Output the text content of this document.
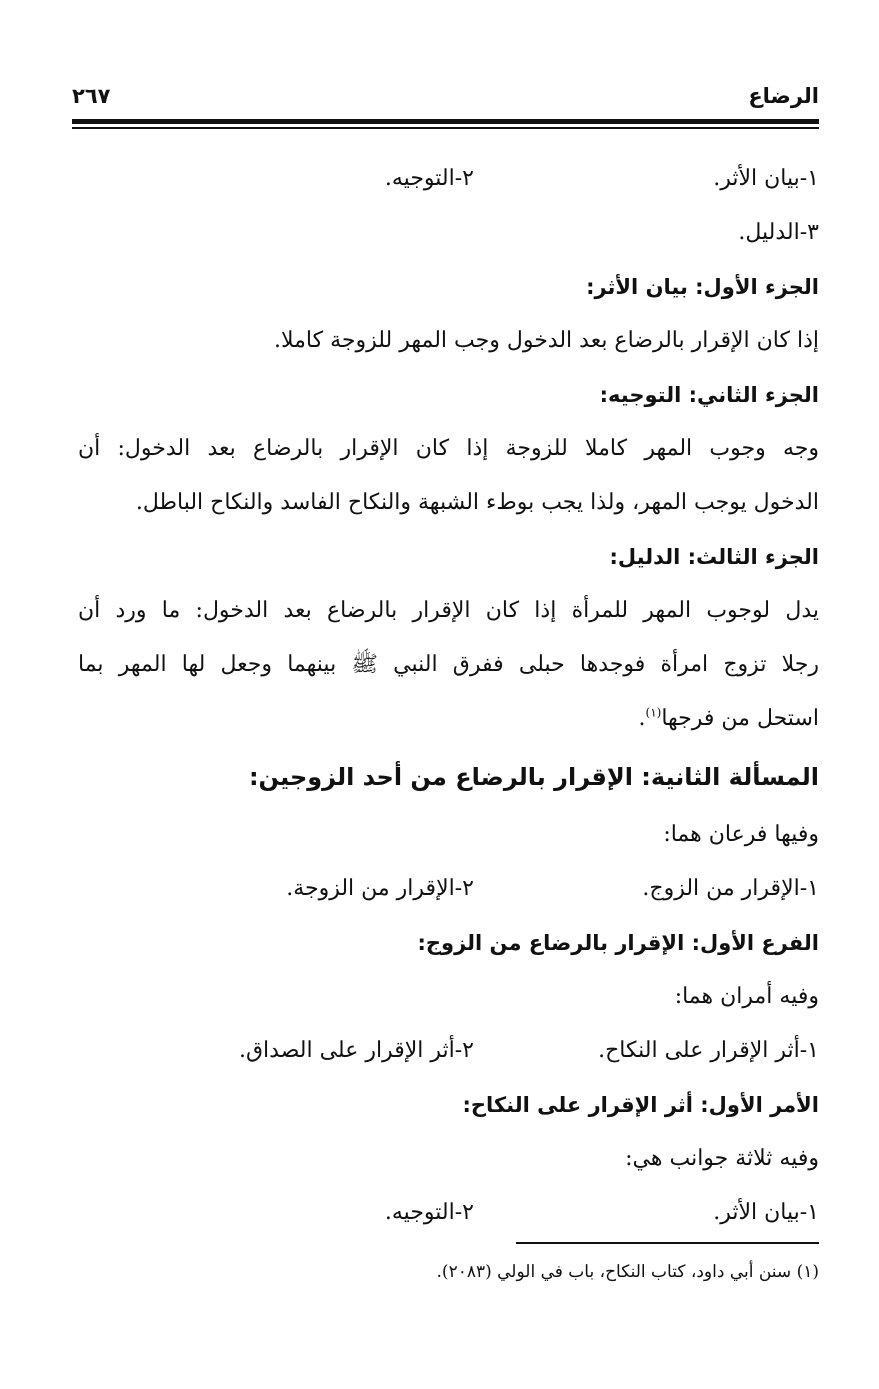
الرضاع
٢٦٧
١-بيان الأثر.
٢-التوجيه.
٣-الدليل.
الجزء الأول: بيان الأثر:
إذا كان الإقرار بالرضاع بعد الدخول وجب المهر للزوجة كاملا.
الجزء الثاني: التوجيه:
وجه وجوب المهر كاملا للزوجة إذا كان الإقرار بالرضاع بعد الدخول: أن
الدخول يوجب المهر، ولذا يجب بوطء الشبهة والنكاح الفاسد والنكاح الباطل.
الجزء الثالث: الدليل:
يدل لوجوب المهر للمرأة إذا كان الإقرار بالرضاع بعد الدخول: ما ورد أن
رجلا تزوج امرأة فوجدها حبلى ففرق النبي ﷺ بينهما وجعل لها المهر بما
استحل من فرجها$^{(١)}$.
المسألة الثانية: الإقرار بالرضاع من أحد الزوجين:
وفيها فرعان هما:
١-الإقرار من الزوج.
٢-الإقرار من الزوجة.
الفرع الأول: الإقرار بالرضاع من الزوج:
وفيه أمران هما:
١-أثر الإقرار على النكاح.
٢-أثر الإقرار على الصداق.
الأمر الأول: أثر الإقرار على النكاح:
وفيه ثلاثة جوانب هي:
١-بيان الأثر.
٢-التوجيه.
(١) سنن أبي داود، كتاب النكاح، باب في الولي (٢٠٨٣).
